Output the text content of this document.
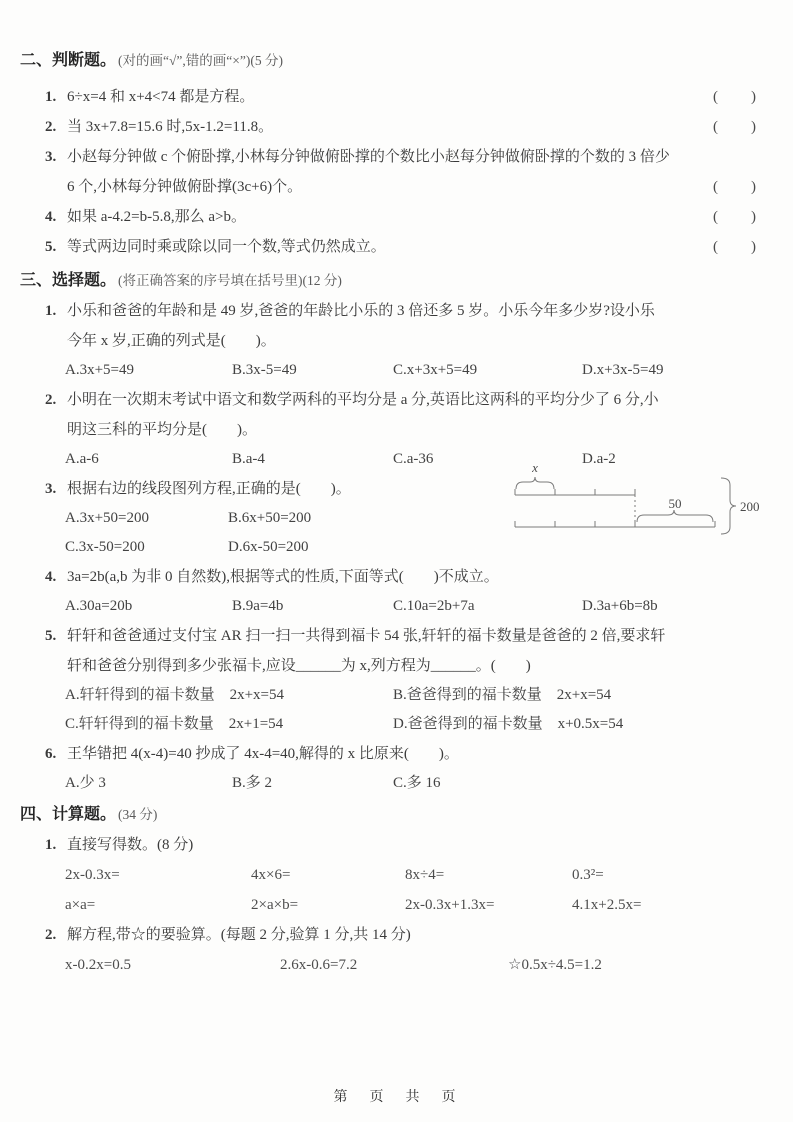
二、判断题。 (对的画“√”,错的画“×”)(5 分)
1. 6÷x=4 和 x+4<74 都是方程。	(　　)
2. 当 3x+7.8=15.6 时,5x-1.2=11.8。	(　　)
3. 小赵每分钟做 c 个俯卧撑,小林每分钟做俯卧撑的个数比小赵每分钟做俯卧撑的个数的 3 倍少
6 个,小林每分钟做俯卧撑(3c+6)个。	(　　)
4. 如果 a-4.2=b-5.8,那么 a>b。	(　　)
5. 等式两边同时乘或除以同一个数,等式仍然成立。	(　　)
三、选择题。 (将正确答案的序号填在括号里)(12 分)
1. 小乐和爸爸的年龄和是 49 岁,爸爸的年龄比小乐的 3 倍还多 5 岁。小乐今年多少岁?设小乐
今年 x 岁,正确的列式是(　　)。
A.3x+5=49	B.3x-5=49	C.x+3x+5=49	D.x+3x-5=49
2. 小明在一次期末考试中语文和数学两科的平均分是 a 分,英语比这两科的平均分少了 6 分,小
明这三科的平均分是(　　)。
A.a-6	B.a-4	C.a-36	D.a-2
3. 根据右边的线段图列方程,正确的是(　　)。
A.3x+50=200	B.6x+50=200
C.3x-50=200	D.6x-50=200
4. 3a=2b(a,b 为非 0 自然数),根据等式的性质,下面等式(　　)不成立。
A.30a=20b	B.9a=4b	C.10a=2b+7a	D.3a+6b=8b
5. 轩轩和爸爸通过支付宝 AR 扫一扫一共得到福卡 54 张,轩轩的福卡数量是爸爸的 2 倍,要求轩
轩和爸爸分别得到多少张福卡,应设______为 x,列方程为______。(　　)
A.轩轩得到的福卡数量　2x+x=54	B.爸爸得到的福卡数量　2x+x=54
C.轩轩得到的福卡数量　2x+1=54	D.爸爸得到的福卡数量　x+0.5x=54
6. 王华错把 4(x-4)=40 抄成了 4x-4=40,解得的 x 比原来(　　)。
A.少 3	B.多 2	C.多 16
四、计算题。 (34 分)
1. 直接写得数。(8 分)
2x-0.3x=	4x×6=	8x÷4=	0.3²=
a×a=	2×a×b=	2x-0.3x+1.3x=	4.1x+2.5x=
2. 解方程,带☆的要验算。(每题 2 分,验算 1 分,共 14 分)
x-0.2x=0.5	2.6x-0.6=7.2	☆0.5x÷4.5=1.2
x
50	200
第　页　共　页
